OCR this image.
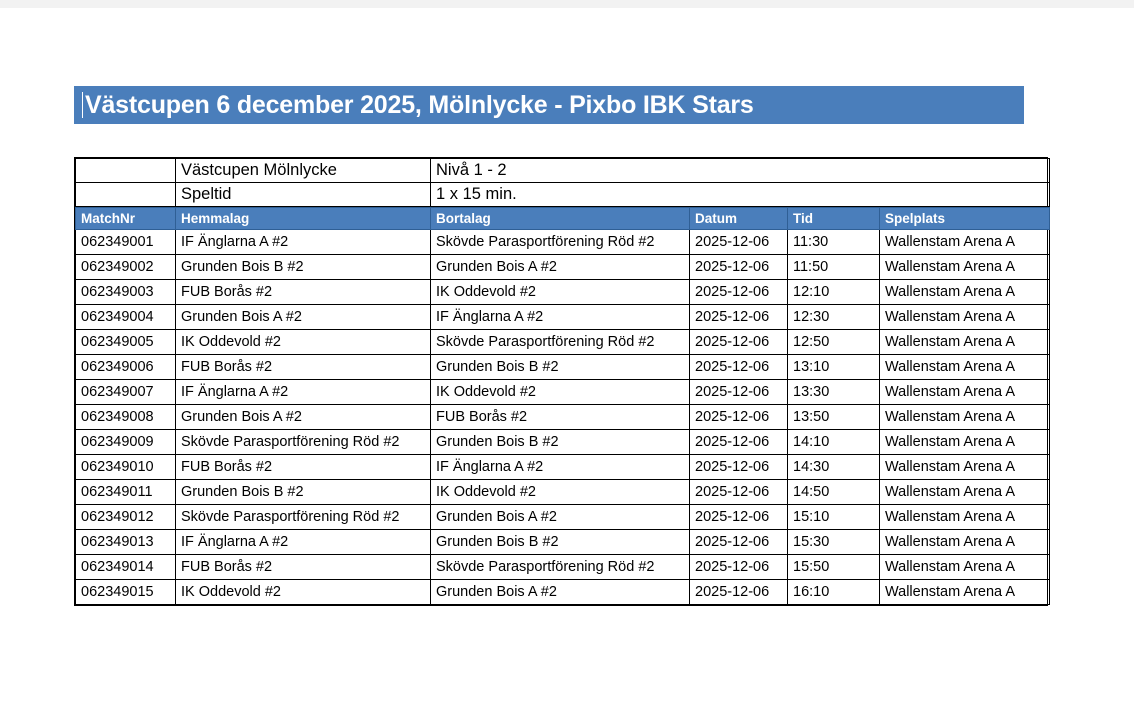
Västcupen 6 december 2025, Mölnlycke - Pixbo IBK Stars
	Västcupen Mölnlycke	Nivå 1 - 2
	Speltid	1 x 15 min.
MatchNr	Hemmalag	Bortalag	Datum	Tid	Spelplats
062349001	IF Änglarna A #2	Skövde Parasportförening Röd #2	2025-12-06	11:30	Wallenstam Arena A
062349002	Grunden Bois B #2	Grunden Bois A #2	2025-12-06	11:50	Wallenstam Arena A
062349003	FUB Borås #2	IK Oddevold #2	2025-12-06	12:10	Wallenstam Arena A
062349004	Grunden Bois A #2	IF Änglarna A #2	2025-12-06	12:30	Wallenstam Arena A
062349005	IK Oddevold #2	Skövde Parasportförening Röd #2	2025-12-06	12:50	Wallenstam Arena A
062349006	FUB Borås #2	Grunden Bois B #2	2025-12-06	13:10	Wallenstam Arena A
062349007	IF Änglarna A #2	IK Oddevold #2	2025-12-06	13:30	Wallenstam Arena A
062349008	Grunden Bois A #2	FUB Borås #2	2025-12-06	13:50	Wallenstam Arena A
062349009	Skövde Parasportförening Röd #2	Grunden Bois B #2	2025-12-06	14:10	Wallenstam Arena A
062349010	FUB Borås #2	IF Änglarna A #2	2025-12-06	14:30	Wallenstam Arena A
062349011	Grunden Bois B #2	IK Oddevold #2	2025-12-06	14:50	Wallenstam Arena A
062349012	Skövde Parasportförening Röd #2	Grunden Bois A #2	2025-12-06	15:10	Wallenstam Arena A
062349013	IF Änglarna A #2	Grunden Bois B #2	2025-12-06	15:30	Wallenstam Arena A
062349014	FUB Borås #2	Skövde Parasportförening Röd #2	2025-12-06	15:50	Wallenstam Arena A
062349015	IK Oddevold #2	Grunden Bois A #2	2025-12-06	16:10	Wallenstam Arena A
